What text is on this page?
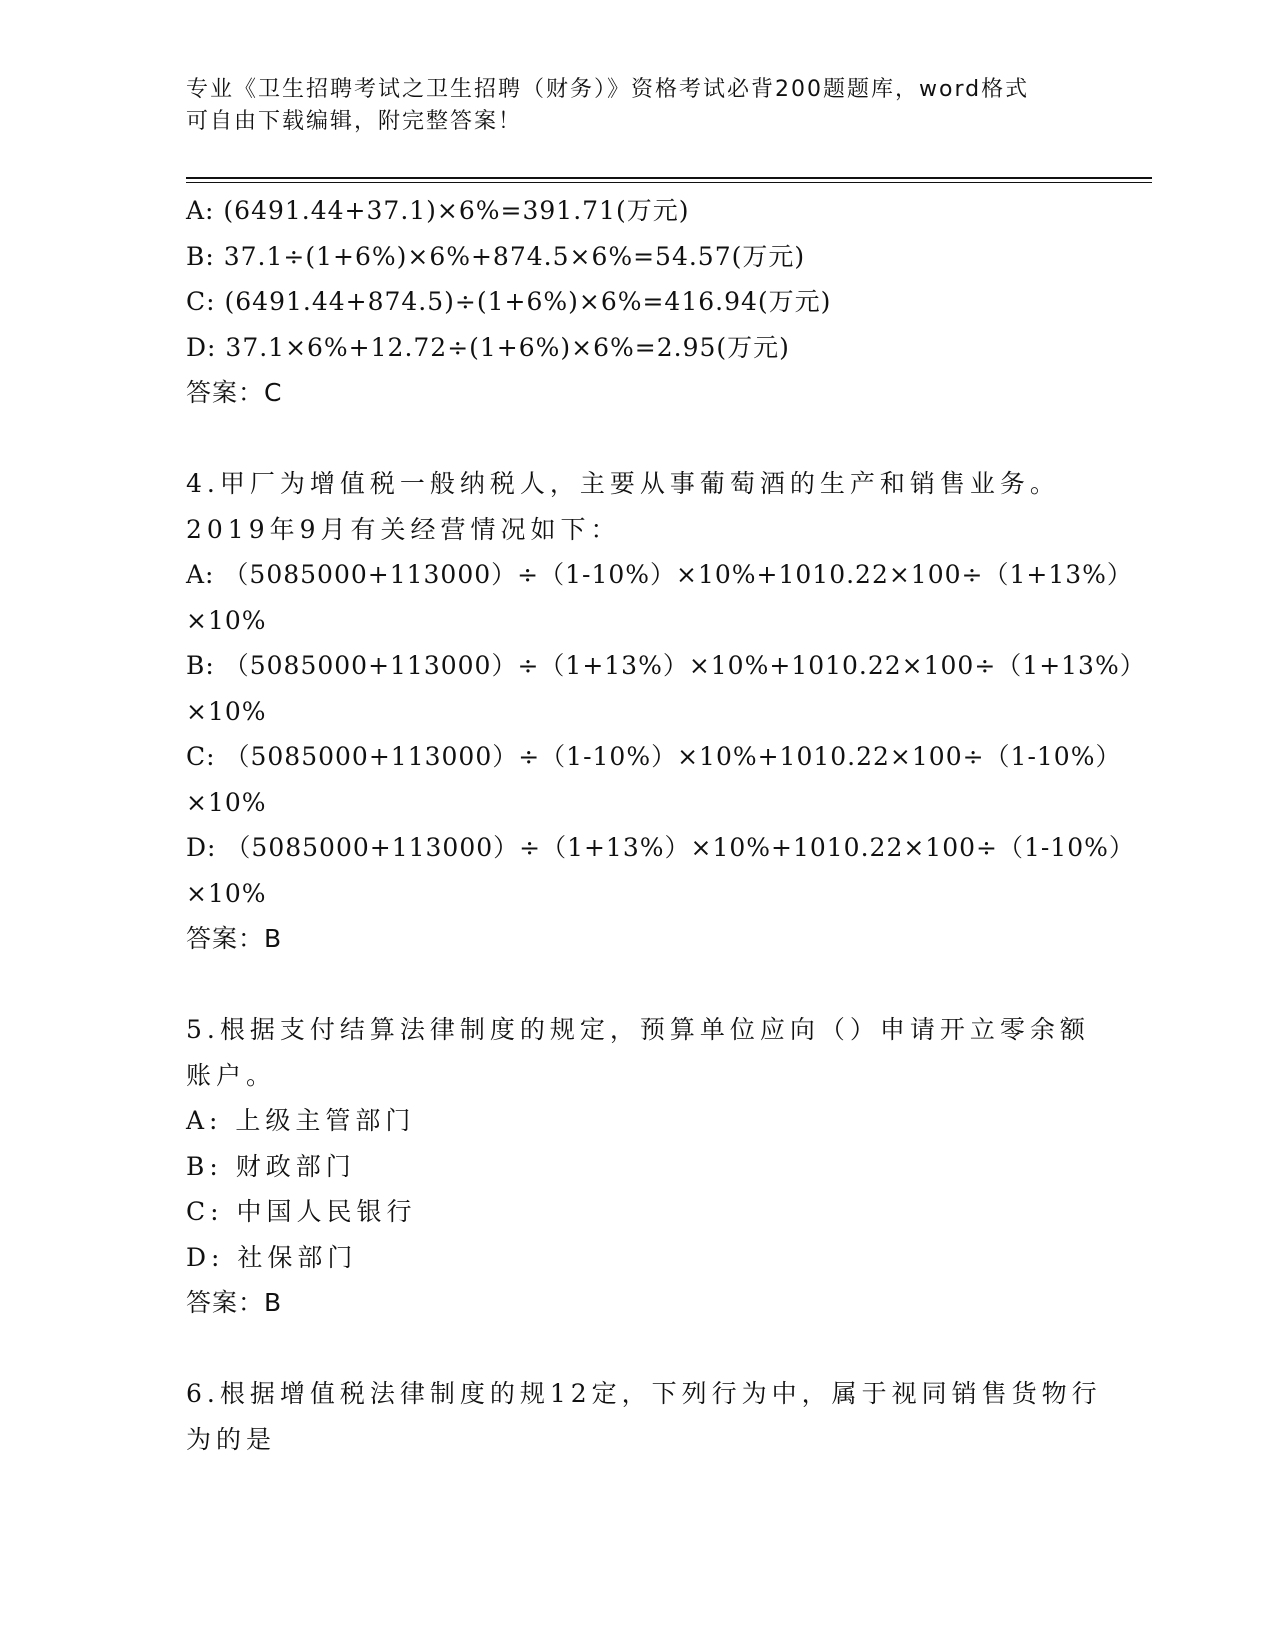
专业《卫生招聘考试之卫生招聘（财务）》资格考试必背200题题库，word格式
可自由下载编辑，附完整答案！
A: (6491.44+37.1)×6%=391.71(万元)
B: 37.1÷(1+6%)×6%+874.5×6%=54.57(万元)
C: (6491.44+874.5)÷(1+6%)×6%=416.94(万元)
D: 37.1×6%+12.72÷(1+6%)×6%=2.95(万元)
答案：C
4.甲厂为增值税一般纳税人，主要从事葡萄酒的生产和销售业务。
2019年9月有关经营情况如下：
A: （5085000+113000）÷（1-10%）×10%+1010.22×100÷（1+13%）
×10%
B: （5085000+113000）÷（1+13%）×10%+1010.22×100÷（1+13%）
×10%
C: （5085000+113000）÷（1-10%）×10%+1010.22×100÷（1-10%）
×10%
D: （5085000+113000）÷（1+13%）×10%+1010.22×100÷（1-10%）
×10%
答案：B
5.根据支付结算法律制度的规定，预算单位应向（）申请开立零余额
账户。
A: 上级主管部门
B: 财政部门
C: 中国人民银行
D: 社保部门
答案：B
6.根据增值税法律制度的规12定，下列行为中，属于视同销售货物行
为的是
